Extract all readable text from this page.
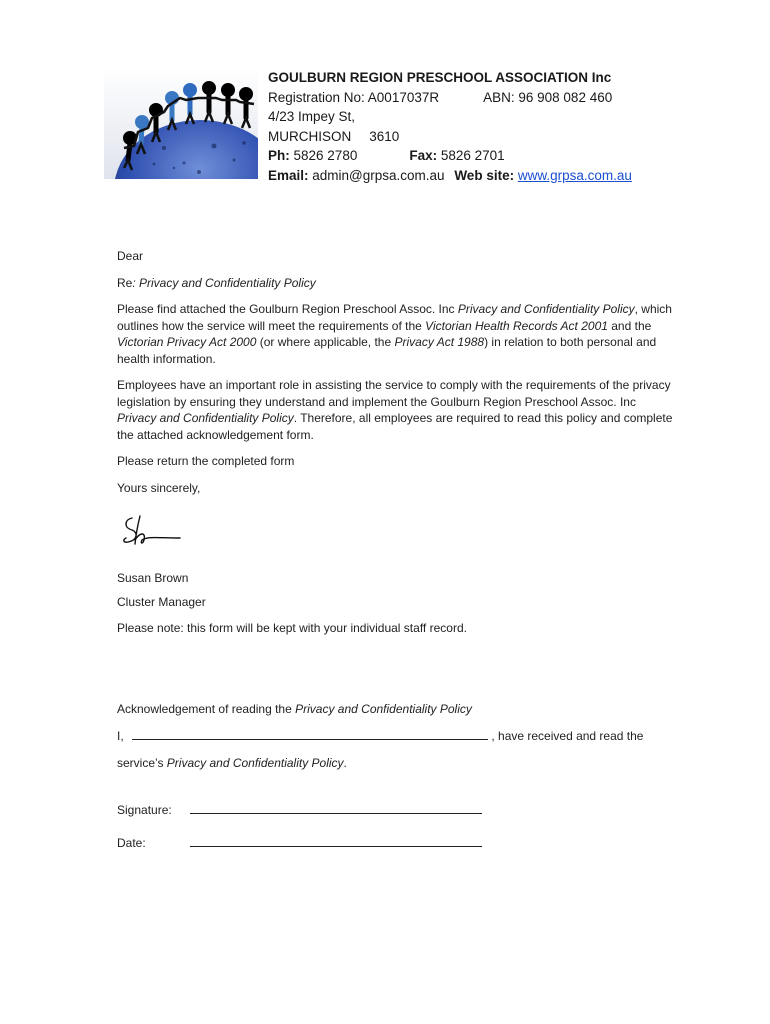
GOULBURN REGION PRESCHOOL ASSOCIATION Inc
Registration No: A0017037R	ABN: 96 908 082 460
4/23 Impey St,
MURCHISON 3610
Ph: 5826 2780	Fax: 5826 2701
Email: admin@grpsa.com.au Web site: www.grpsa.com.au

Dear

Re: Privacy and Confidentiality Policy

Please find attached the Goulburn Region Preschool Assoc. Inc Privacy and Confidentiality Policy, which outlines how the service will meet the requirements of the Victorian Health Records Act 2001 and the Victorian Privacy Act 2000 (or where applicable, the Privacy Act 1988) in relation to both personal and health information.

Employees have an important role in assisting the service to comply with the requirements of the privacy legislation by ensuring they understand and implement the Goulburn Region Preschool Assoc. Inc Privacy and Confidentiality Policy. Therefore, all employees are required to read this policy and complete the attached acknowledgement form.

Please return the completed form

Yours sincerely,

Susan Brown

Cluster Manager

Please note: this form will be kept with your individual staff record.

Acknowledgement of reading the Privacy and Confidentiality Policy

I,	, have received and read the

service’s Privacy and Confidentiality Policy.

Signature:

Date:
